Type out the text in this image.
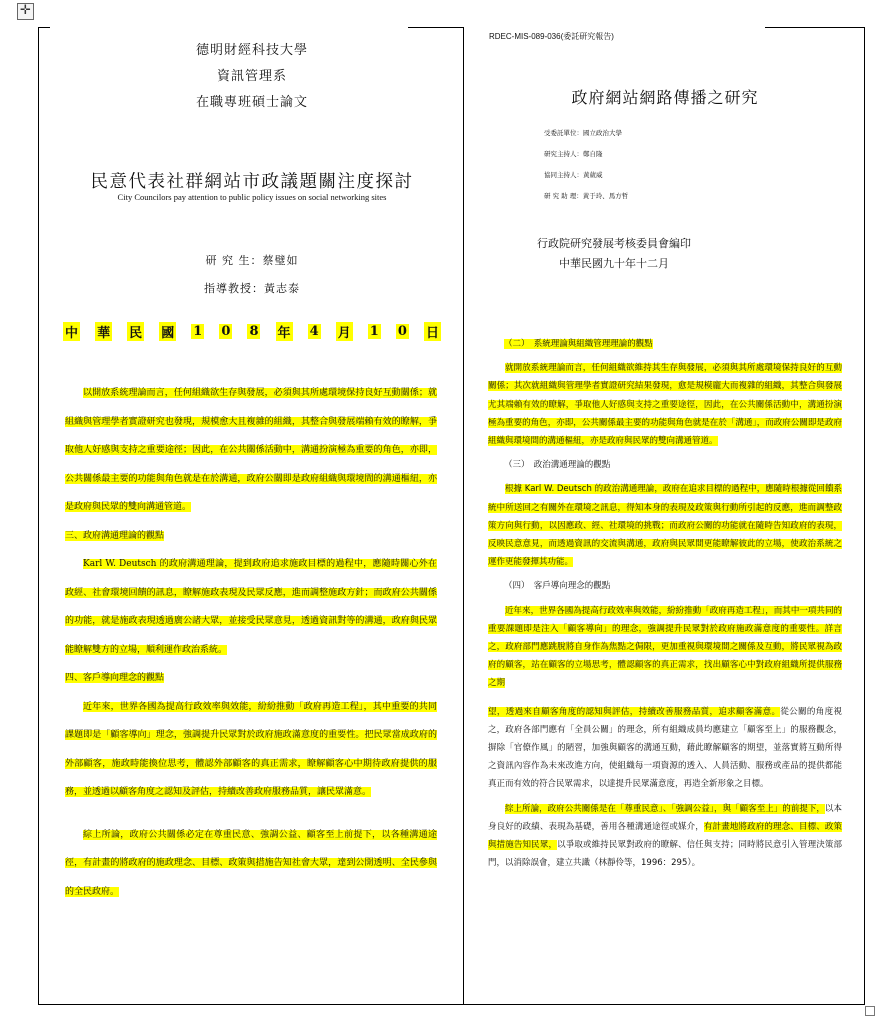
✛
德明財經科技大學
資訊管理系
在職專班碩士論文
民意代表社群網站市政議題關注度探討
City Councilors pay attention to public policy issues on social networking sites
研 究 生：蔡璧如
指導教授：黃志泰
中 華 民 國 1 0 8 年 4 月 1 0 日

以開放系統理論而言，任何組織欲生存與發展，必須與其所處環境保持良好互動關係；就組織與管理學者實證研究也發現，規模愈大且複雜的組織，其整合與發展端賴有效的瞭解，爭取他人好感與支持之重要途徑；因此，在公共關係活動中，溝通扮演極為重要的角色，亦即，公共關係最主要的功能與角色就是在於溝通，政府公關即是政府組織與環境間的溝通樞紐，亦是政府與民眾的雙向溝通管道。

三、政府溝通理論的觀點

Karl W. Deutsch 的政府溝通理論，提到政府追求施政目標的過程中，應隨時關心外在政經、社會環境回饋的訊息，瞭解施政表現及民眾反應，進而調整施政方針；而政府公共關係的功能，就是施政表現透過廣公諸大眾，並接受民眾意見，透過資訊對等的溝通，政府與民眾能瞭解雙方的立場，順利運作政治系統。

四、客戶導向理念的觀點

近年來，世界各國為提高行政效率與效能，紛紛推動「政府再造工程」，其中重要的共同課題即是「顧客導向」理念，強調提升民眾對於政府施政滿意度的重要性。把民眾當成政府的外部顧客，施政時能換位思考，體認外部顧客的真正需求，瞭解顧客心中期待政府提供的服務，並透過以顧客角度之認知及評估，持續改善政府服務品質，讓民眾滿意。

綜上所論，政府公共關係必定在尊重民意、強調公益、顧客至上前提下，以各種溝通途徑，有計畫的將政府的施政理念、目標、政策與措施告知社會大眾，達到公開透明、全民參與的全民政府。

RDEC-MIS-089-036(委託研究報告)
政府網站網路傳播之研究
受委託單位：國立政治大學
研究主持人：鄭自隆
協同主持人：黃葳威
研 究 助 理：黃于玲、馬方哲
行政院研究發展考核委員會編印
中華民國九十年十二月
（二）　系統理論與組織管理理論的觀點

就開放系統理論而言，任何組織欲維持其生存與發展，必須與其所處環境保持良好的互動關係；其次就組織與管理學者實證研究結果發現，愈是規模龐大而複雜的組織，其整合與發展尤其端賴有效的瞭解，爭取他人好感與支持之重要途徑，因此，在公共關係活動中，溝通扮演極為重要的角色，亦即，公共關係最主要的功能與角色就是在於「溝通」，而政府公關即是政府組織與環境間的溝通樞紐，亦是政府與民眾的雙向溝通管道。

（三）　政治溝通理論的觀點

根據 Karl W. Deutsch 的政治溝通理論，政府在追求目標的過程中，應隨時根據從回饋系統中所送回之有關外在環境之訊息，得知本身的表現及政策與行動所引起的反應，進而調整政策方向與行動，以因應政、經、社環境的挑戰；而政府公關的功能就在隨時告知政府的表現，反映民意意見，而透過資訊的交流與溝通，政府與民眾間更能瞭解彼此的立場，使政治系統之運作更能發揮其功能。

（四）　客戶導向理念的觀點

近年來，世界各國為提高行政效率與效能，紛紛推動「政府再造工程」，而其中一項共同的重要課題即是注入「顧客導向」的理念，強調提升民眾對於政府施政滿意度的重要性。詳言之，政府部門應跳脫將自身作為焦點之侷限，更加重視與環境間之關係及互動，將民眾視為政府的顧客，站在顧客的立場思考，體認顧客的真正需求，找出顧客心中對政府組織所提供服務之期

望，透過來自顧客角度的認知與評估，持續改善服務品質，追求顧客滿意。從公關的角度視之，政府各部門應有「全員公關」的理念，所有組織成員均應建立「顧客至上」的服務觀念，摒除「官僚作風」的陋習，加強與顧客的溝通互動，藉此瞭解顧客的期望，並落實將互動所得之資訊內容作為未來改進方向，使組織每一項資源的透入、人員活動、服務或產品的提供都能真正而有效的符合民眾需求，以達提升民眾滿意度，再造全新形象之目標。

綜上所論，政府公共關係是在「尊重民意」、「強調公益」，與「顧客至上」的前提下，以本身良好的政績、表現為基礎，善用各種溝通途徑或媒介，有計畫地將政府的理念、目標、政策與措施告知民眾，以爭取或維持民眾對政府的瞭解、信任與支持；同時將民意引入管理決策部門，以消除誤會，建立共識（林靜伶等，1996：295）。
